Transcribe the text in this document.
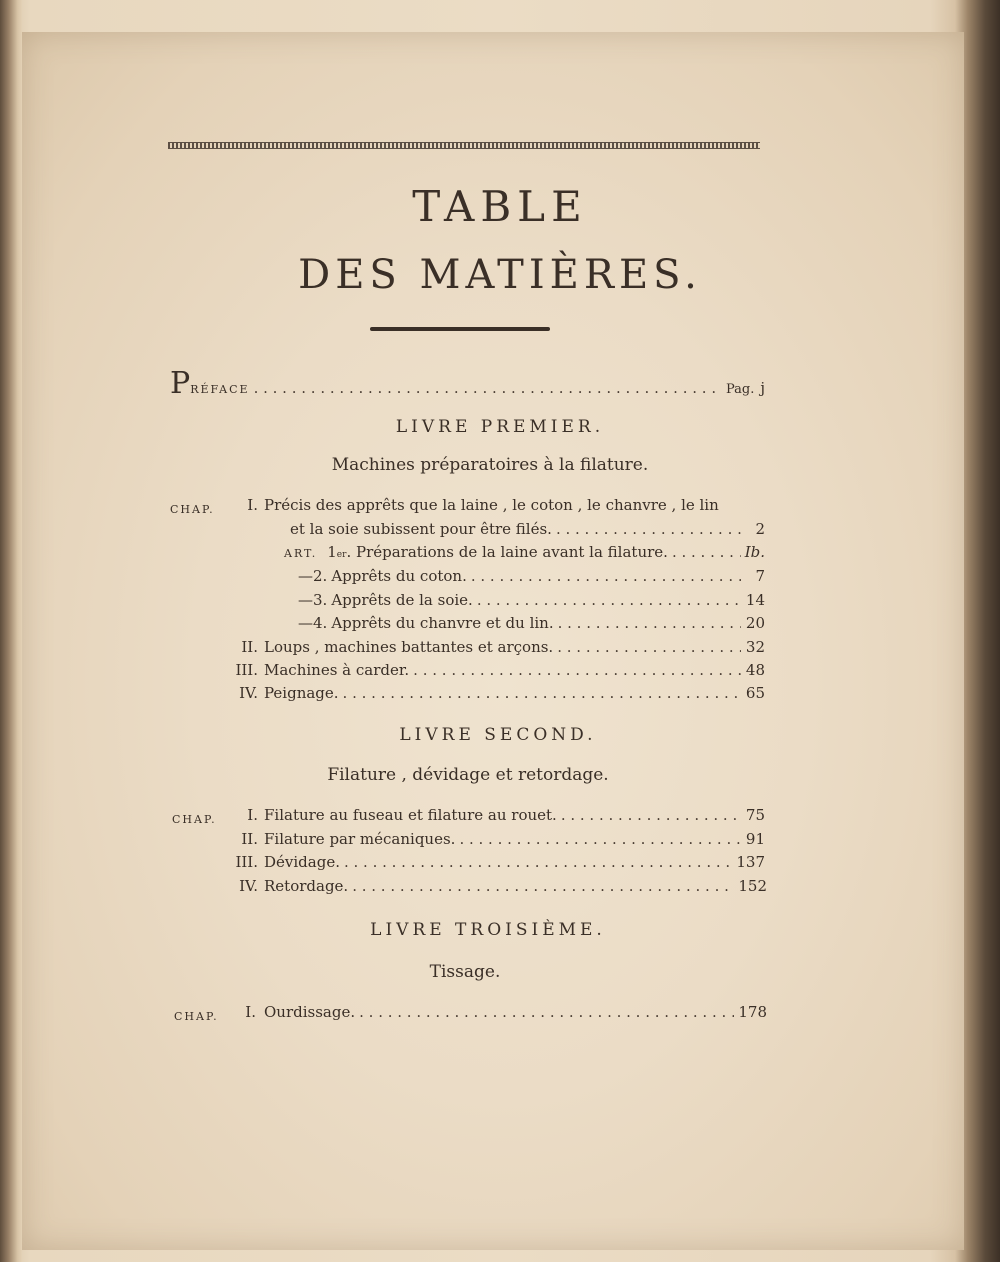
TABLE
DES MATIÈRES.
P RÉFACE . . .	Pag. j
LIVRE PREMIER.
Machines préparatoires à la filature.
CHAP.	I. Précis des apprêts que la laine , le coton , le chanvre , le lin
et la soie subissent pour être filés. . . .	2
ART. $1_{er}$ . Préparations de la laine avant la filature. . . .	Ib.
—2. Apprêts du coton. . . .	7
—3. Apprêts de la soie. . . .	14
—4. Apprêts du chanvre et du lin. . . .	20
II. Loups , machines battantes et arçons. . . .	32
III. Machines à carder. . . .	48
IV. Peignage. . . .	65
LIVRE SECOND.
Filature , dévidage et retordage.
CHAP.	I. Filature au fuseau et filature au rouet. . . .	75
II. Filature par mécaniques. . . .	91
III. Dévidage. . . .	137
IV. Retordage. . . .	152
LIVRE TROISIÈME.
Tissage.
CHAP.	I. Ourdissage. . . .	178
